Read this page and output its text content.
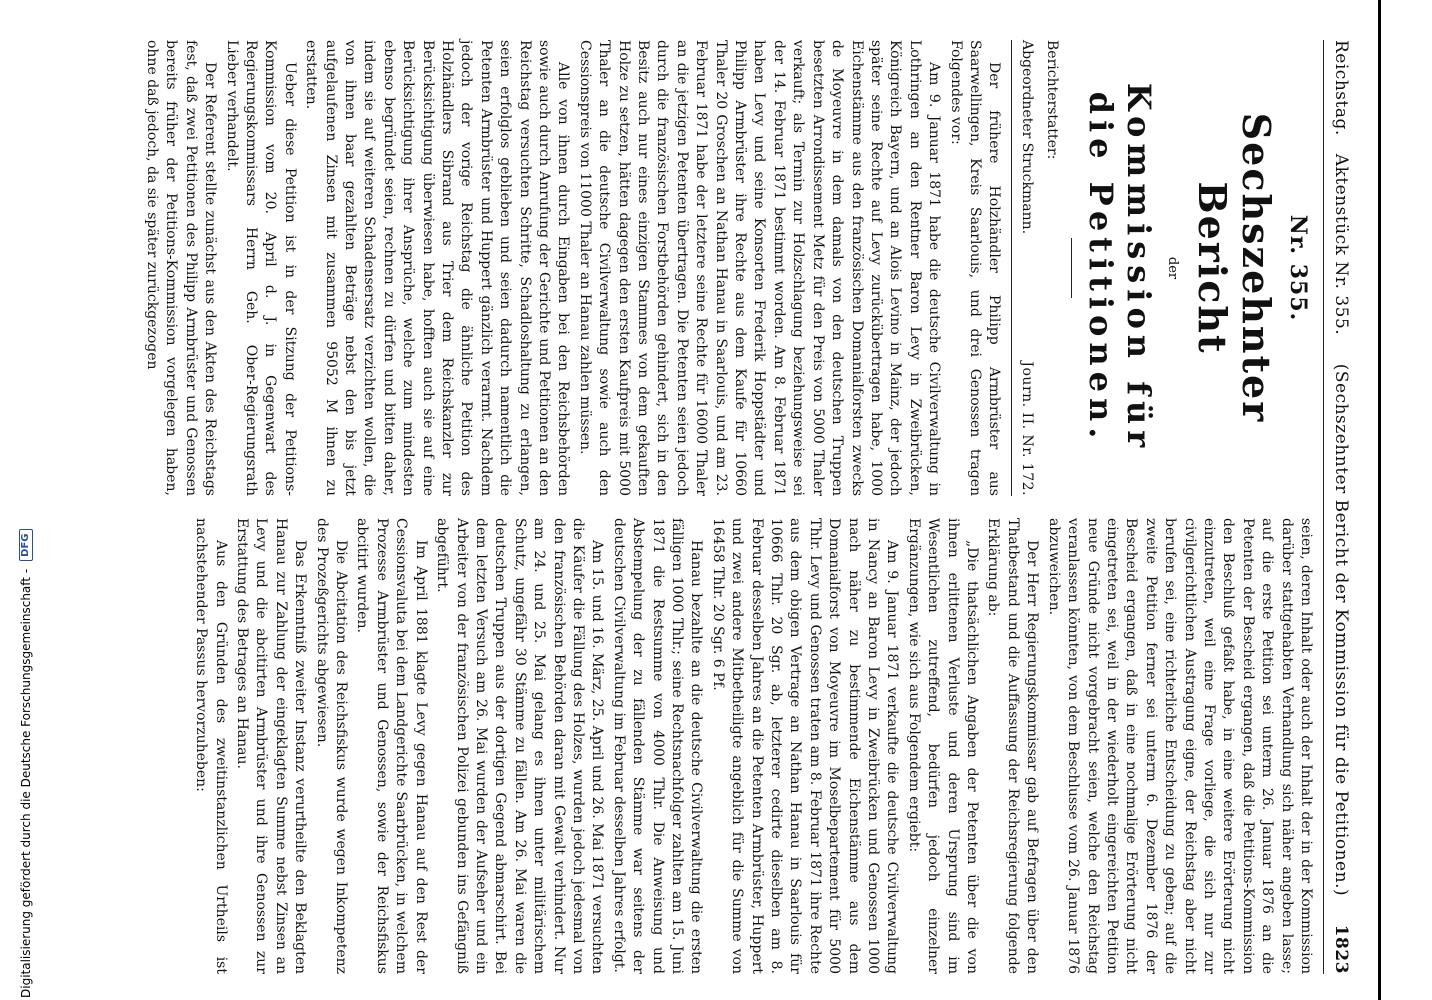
Reichstag.
Aktenstück Nr. 355.
(Sechszehnter Bericht der Kommission für die Petitionen.)
1823
Nr. 355.
Sechszehnter Bericht
der
Kommission für die Petitionen.
Berichterstatter:
Abgeordneter Struckmann.
Journ. II. Nr. 172.

Der frühere Holzhändler Philipp Armbrüster aus Saarwellingen, Kreis Saarlouis, und drei Genossen tragen Folgendes vor:

Am 9. Januar 1871 habe die deutsche Civilverwaltung in Lothringen an den Rentner Baron Levy in Zweibrücken, Königreich Bayern, und an Alois Levino in Mainz, der jedoch später seine Rechte auf Levy zurückübertragen habe, 1000 Eichenstämme aus den französischen Domanialforsten zwecks de Moyeuvre in dem damals von den deutschen Truppen besetzten Arrondissement Metz für den Preis von 5000 Thaler verkauft; als Termin zur Holzschlagung beziehungsweise sei der 14. Februar 1871 bestimmt worden. Am 8. Februar 1871 haben Levy und seine Konsorten Frederik Hoppstädter und Philipp Armbrüster ihre Rechte aus dem Kaufe für 10660 Thaler 20 Groschen an Nathan Hanau in Saarlouis, und am 23. Februar 1871 habe der letztere seine Rechte für 16000 Thaler an die jetzigen Petenten übertragen. Die Petenten seien jedoch durch die französischen Forstbehörden gehindert, sich in den Besitz auch nur eines einzigen Stammes von dem gekauften Holze zu setzen, hätten dagegen den ersten Kaufpreis mit 5000 Thaler an die deutsche Civilverwaltung sowie auch den Cessionspreis von 11000 Thaler an Hanau zahlen müssen.

Alle von ihnen durch Eingaben bei den Reichsbehörden sowie auch durch Anrufung der Gerichte und Petitionen an den Reichstag versuchten Schritte, Schadloshaltung zu erlangen, seien erfolglos geblieben und seien dadurch namentlich die Petenten Armbrüster und Huppert gänzlich verarmt. Nachdem jedoch der vorige Reichstag die ähnliche Petition des Holzhändlers Sibrand aus Trier dem Reichskanzler zur Berücksichtigung überwiesen habe, hofften auch sie auf eine Berücksichtigung ihrer Ansprüche, welche zum mindesten ebenso begründet seien, rechnen zu dürfen und bitten daher, indem sie auf weiteren Schadensersatz verzichten wollen, die von ihnen baar gezahlten Beträge nebst den bis jetzt aufgelaufenen Zinsen mit zusammen 95052 M ihnen zu erstatten.

Ueber diese Petition ist in der Sitzung der Petitions-Kommission vom 20. April d. J. in Gegenwart des Regierungskommissars Herrn Geh. Ober-Regierungsrath Lieber verhandelt.

Der Referent stellte zunächst aus den Akten des Reichstags fest, daß zwei Petitionen des Philipp Armbrüster und Genossen bereits früher der Petitions-Kommission vorgelegen haben, ohne daß jedoch, da sie später zurückgezogen

seien, deren Inhalt oder auch der Inhalt der in der Kommission darüber stattgehabten Verhandlung sich näher angeben lasse; auf die erste Petition sei unterm 26. Januar 1876 an die Petenten der Bescheid ergangen, daß die Petitions-Kommission den Beschluß gefaßt habe, in eine weitere Erörterung nicht einzutreten, weil eine Frage vorliege, die sich nur zur civilgerichtlichen Austragung eigne, der Reichstag aber nicht berufen sei, eine richterliche Entscheidung zu geben; auf die zweite Petition ferner sei unterm 6. Dezember 1876 der Bescheid ergangen, daß in eine nochmalige Erörterung nicht eingetreten sei, weil in der wiederholt eingereichten Petition neue Gründe nicht vorgebracht seien, welche den Reichstag veranlassen könnten, von dem Beschlusse vom 26. Januar 1876 abzuweichen.

Der Herr Regierungskommissar gab auf Befragen über den Thatbestand und die Auffassung der Reichsregierung folgende Erklärung ab:

„Die thatsächlichen Angaben der Petenten über die von ihnen erlittenen Verluste und deren Ursprung sind im Wesentlichen zutreffend, bedürfen jedoch einzelner Ergänzungen, wie sich aus Folgendem ergiebt:

Am 9. Januar 1871 verkaufte die deutsche Civilverwaltung in Nancy an Baron Levy in Zweibrücken und Genossen 1000 nach näher zu bestimmende Eichenstämme aus dem Domanialforst von Moyeuvre im Moselbepartement für 5000 Thlr. Levy und Genossen traten am 8. Februar 1871 ihre Rechte aus dem obigen Vertrage an Nathan Hanau in Saarlouis für 10666 Thlr. 20 Sgr. ab, letzterer cedirte dieselben am 8. Februar desselben Jahres an die Petenten Armbrüster, Huppert und zwei andere Mitbetheiligte angeblich für die Summe von 16458 Thlr. 20 Sgr. 6 Pf.

Hanau bezahlte an die deutsche Civilverwaltung die ersten fälligen 1000 Thlr.; seine Rechtsnachfolger zahlten am 15. Juni 1871 die Restsumme von 4000 Thlr. Die Anweisung und Abstempelung der zu fällenden Stämme war seitens der deutschen Civilverwaltung im Februar desselben Jahres erfolgt.

Am 15. und 16. März, 25. April und 26. Mai 1871 versuchten die Käufer die Fällung des Holzes, wurden jedoch jedesmal von den französischen Behörden daran mit Gewalt verhindert. Nur am 24. und 25. Mai gelang es ihnen unter militärischem Schutz, ungefähr 30 Stämme zu fällen. Am 26. Mai waren die deutschen Truppen aus der dortigen Gegend abmarschirt. Bei dem letzten Versuch am 26. Mai wurden der Aufseher und ein Arbeiter von der französischen Polizei gebunden ins Gefängniß abgeführt.

Im April 1881 klagte Levy gegen Hanau auf den Rest der Cessionsvaluta bei dem Landgerichte Saarbrücken, in welchem Prozesse Armbrüster und Genossen, sowie der Reichsfiskus abcitirt wurden.

Die Abcitation des Reichsfiskus wurde wegen Inkompetenz des Prozeßgerichts abgewiesen.

Das Erkenntniß zweiter Instanz verurtheilte den Beklagten Hanau zur Zahlung der eingeklagten Summe nebst Zinsen an Levy und die abcitirten Armbrüster und ihre Genossen zur Erstattung des Betrages an Hanau.

Aus den Gründen des zweitinstanzlichen Urtheils ist nachstehender Passus hervorzuheben:

Digitalisierung gefördert durch die Deutsche Forschungsgemeinschaft -
DFG
